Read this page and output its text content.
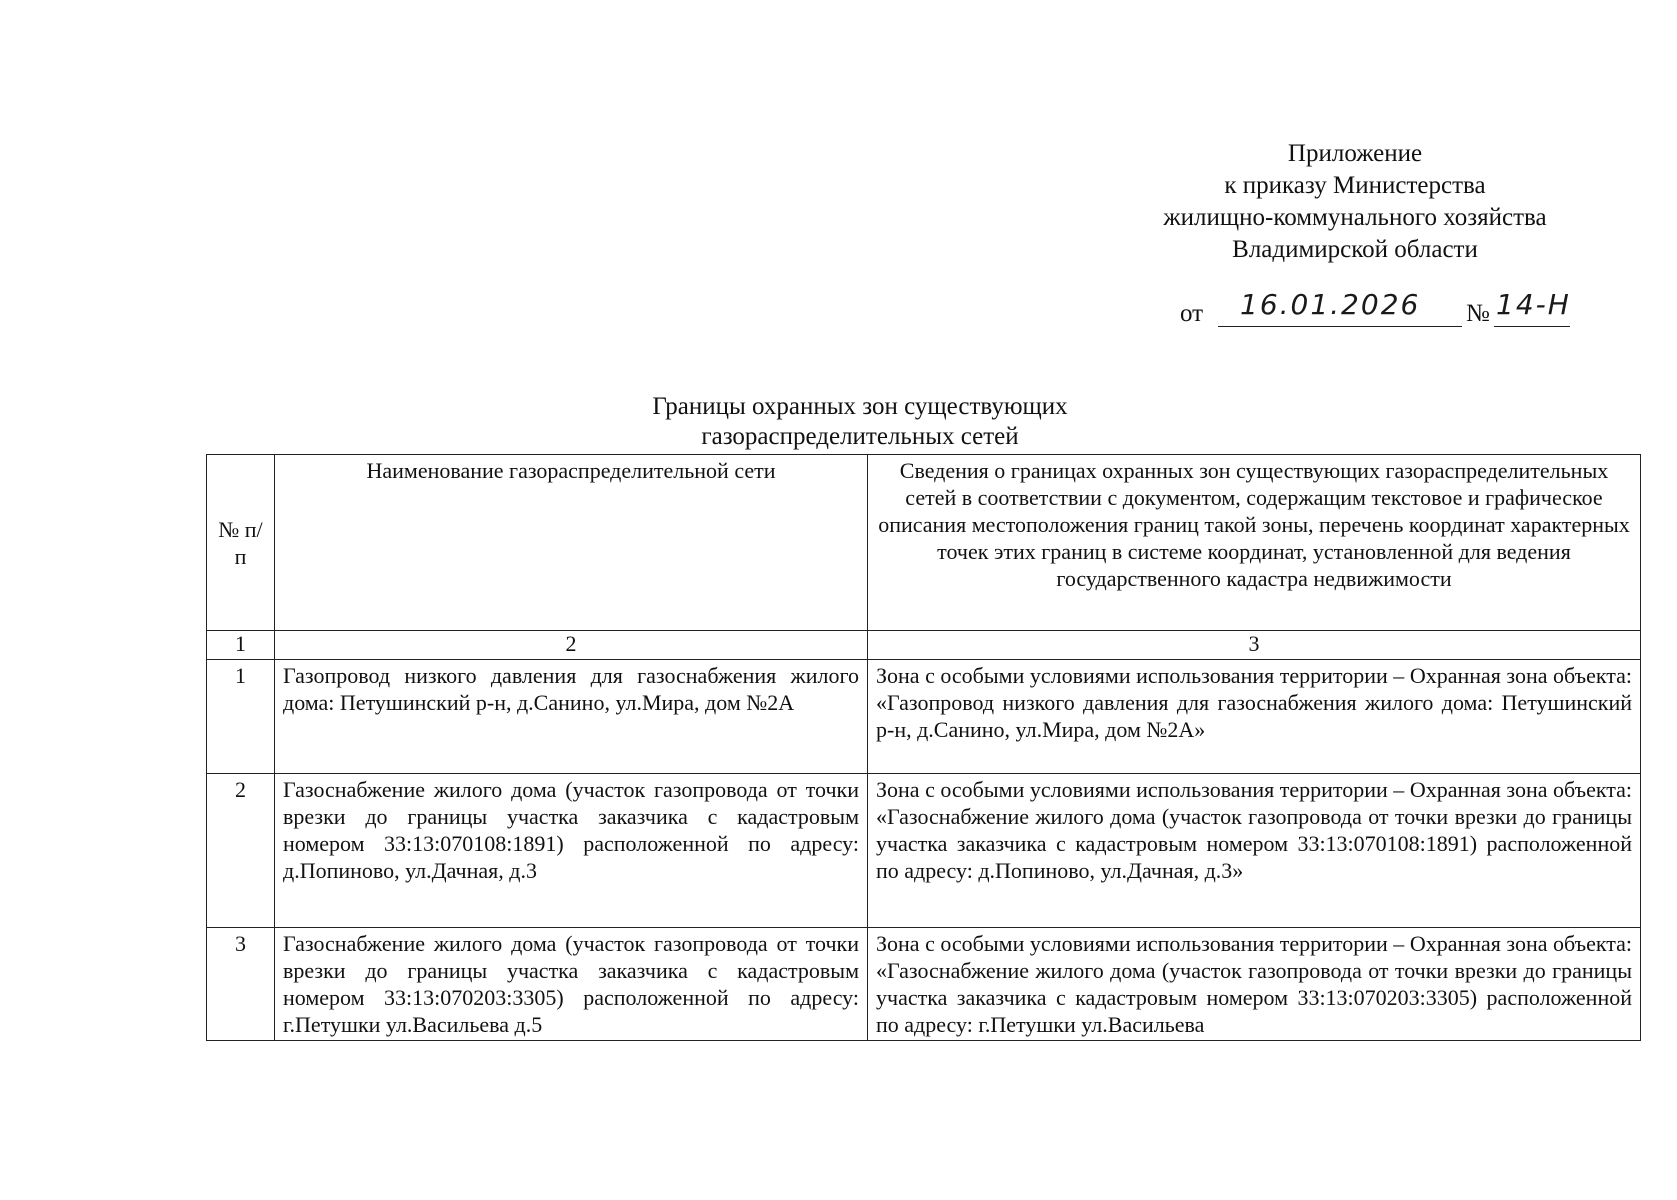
Приложение
к приказу Министерства
жилищно-коммунального хозяйства
Владимирской области
от 16.01.2026 № 14-Н
Границы охранных зон существующих
газораспределительных сетей
№ п/п	Наименование газораспределительной сети	Сведения о границах охранных зон существующих газораспределительных сетей в соответствии с документом, содержащим текстовое и графическое описания местоположения границ такой зоны, перечень координат характерных точек этих границ в системе координат, установленной для ведения государственного кадастра недвижимости
1	2	3
1	Газопровод низкого давления для газоснабжения жилого дома: Петушинский р-н, д.Санино, ул.Мира, дом №2А	Зона с особыми условиями использования территории – Охранная зона объекта: «Газопровод низкого давления для газоснабжения жилого дома: Петушинский р-н, д.Санино, ул.Мира, дом №2А»
2	Газоснабжение жилого дома (участок газопровода от точки врезки до границы участка заказчика с кадастровым номером 33:13:070108:1891) расположенной по адресу: д.Попиново, ул.Дачная, д.3	Зона с особыми условиями использования территории – Охранная зона объекта: «Газоснабжение жилого дома (участок газопровода от точки врезки до границы участка заказчика с кадастровым номером 33:13:070108:1891) расположенной по адресу: д.Попиново, ул.Дачная, д.3»
3	Газоснабжение жилого дома (участок газопровода от точки врезки до границы участка заказчика с кадастровым номером 33:13:070203:3305) расположенной по адресу: г.Петушки ул.Васильева д.5	Зона с особыми условиями использования территории – Охранная зона объекта: «Газоснабжение жилого дома (участок газопровода от точки врезки до границы участка заказчика с кадастровым номером 33:13:070203:3305) расположенной по адресу: г.Петушки ул.Васильева
